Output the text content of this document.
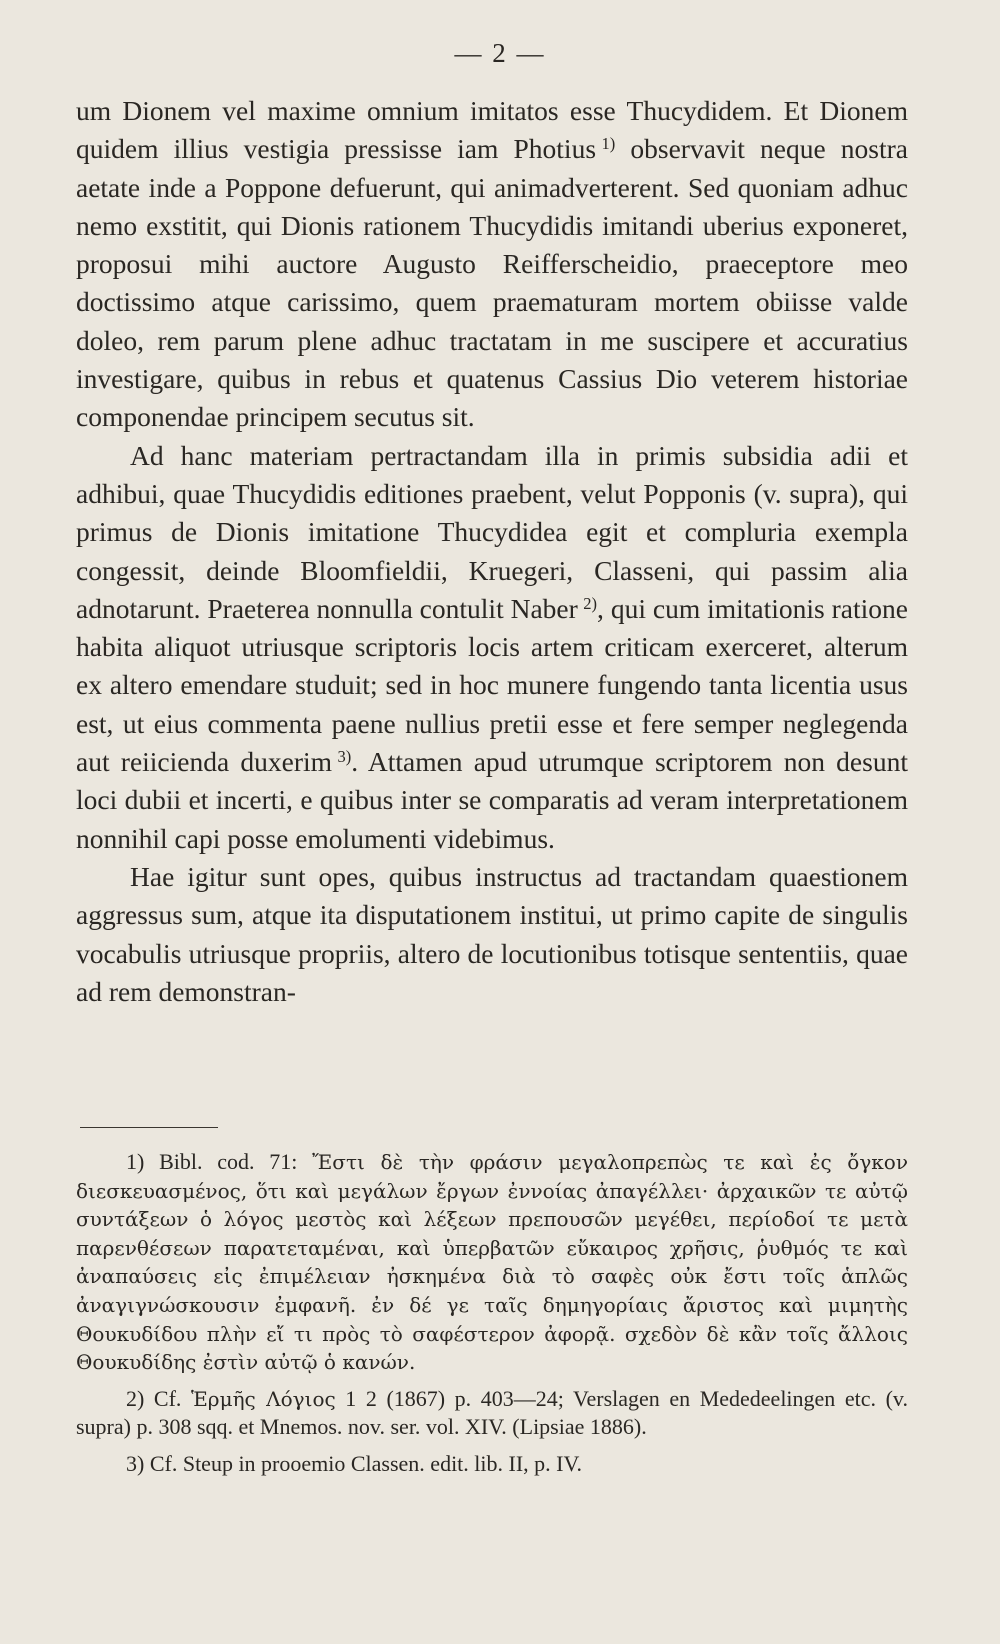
— 2 —

um Dionem vel maxime omnium imitatos esse Thucydidem. Et Dionem quidem illius vestigia pressisse iam Photius  $^{1)}$ observavit neque nostra aetate inde a Poppone defuerunt, qui animadverterent. Sed quoniam adhuc nemo exstitit, qui Dionis rationem Thucydidis imitandi uberius exponeret, proposui mihi auctore Augusto Reifferscheidio, praeceptore meo doctissimo atque carissimo, quem praematuram mortem obiisse valde doleo, rem parum plene adhuc tractatam in me suscipere et accuratius investigare, quibus in rebus et quatenus Cassius Dio veterem historiae componendae principem secutus sit.

Ad hanc materiam pertractandam illa in primis subsidia adii et adhibui, quae Thucydidis editiones praebent, velut Popponis (v. supra), qui primus de Dionis imitatione Thucydidea egit et compluria exempla congessit, deinde Bloomfieldii, Kruegeri, Classeni, qui passim alia adnotarunt. Praeterea nonnulla contulit Naber  $^{2)}$, qui cum imitationis ratione habita aliquot utriusque scriptoris locis artem criticam exerceret, alterum ex altero emendare studuit; sed in hoc munere fungendo tanta licentia usus est, ut eius commenta paene nullius pretii esse et fere semper neglegenda aut reiicienda duxerim  $^{3)}$. Attamen apud utrumque scriptorem non desunt loci dubii et incerti, e quibus inter se comparatis ad veram interpretationem nonnihil capi posse emolumenti videbimus.

Hae igitur sunt opes, quibus instructus ad tractandam quaestionem aggressus sum, atque ita disputationem institui, ut primo capite de singulis vocabulis utriusque propriis, altero de locutionibus totisque sententiis, quae ad rem demonstran-

1) Bibl. cod. 71: Ἔστι δὲ τὴν φράσιν μεγαλοπρεπὼς τε καὶ ἐς ὄγκον διεσκευασμένος, ὅτι καὶ μεγάλων ἔργων ἐννοίας ἀπαγέλλει· ἀρχαικῶν τε αὐτῷ συντάξεων ὁ λόγος μεστὸς καὶ λέξεων πρεπουσῶν μεγέθει, περίοδοί τε μετὰ παρενθέσεων παρατεταμέναι, καὶ ὑπερβατῶν εὔκαιρος χρῆσις, ῥυθμός τε καὶ ἀναπαύσεις εἰς ἐπιμέλειαν ἠσκημένα διὰ τὸ σαφὲς οὐκ ἔστι τοῖς ἁπλῶς ἀναγιγνώσκουσιν ἐμφανῆ. ἐν δέ γε ταῖς δημηγορίαις ἄριστος καὶ μιμητὴς Θουκυδίδου πλὴν εἴ τι πρὸς τὸ σαφέστερον ἀφορᾷ. σχεδὸν δὲ κἂν τοῖς ἄλλοις Θουκυδίδης ἐστὶν αὐτῷ ὁ κανών.

2) Cf. Ἑρμῆς Λόγιος 1 2 (1867) p. 403—24; Verslagen en Mededeelingen etc. (v. supra) p. 308 sqq. et Mnemos. nov. ser. vol. XIV. (Lipsiae 1886).

3) Cf. Steup in prooemio Classen. edit. lib. II, p. IV.
